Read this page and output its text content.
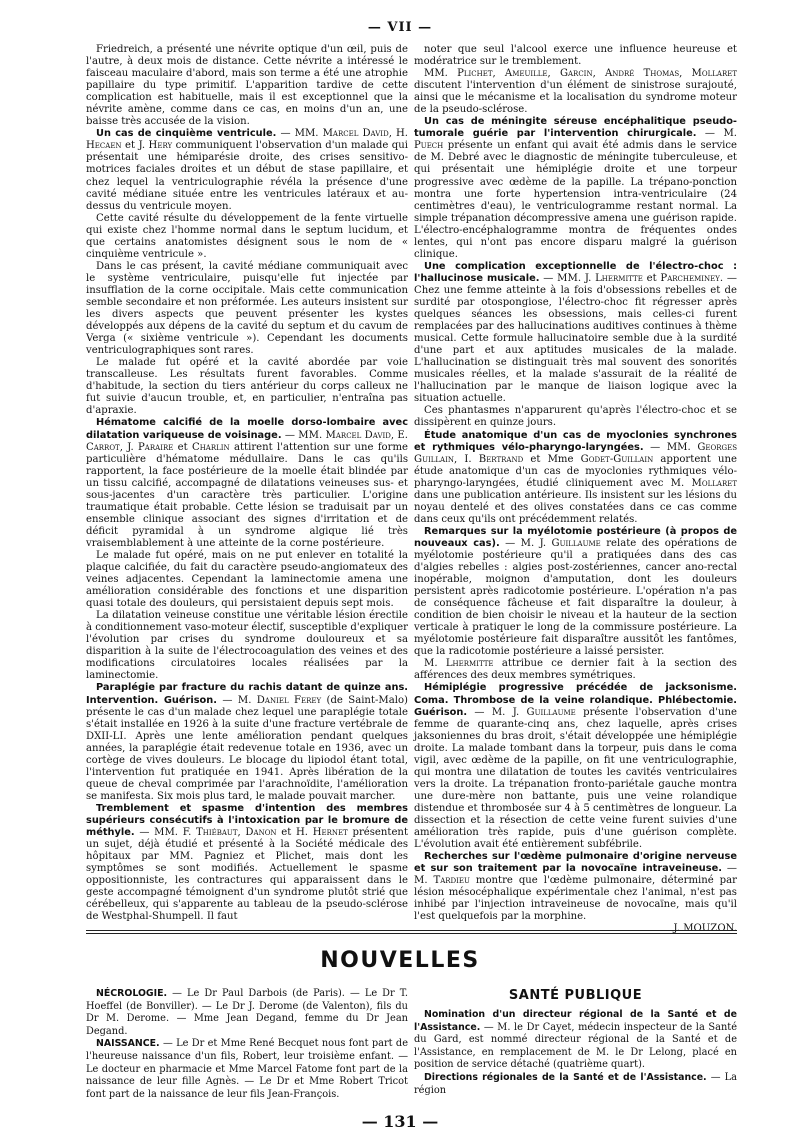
— VII —

Friedreich, a présenté une névrite optique d'un œil, puis de l'autre, à deux mois de distance. Cette névrite a intéressé le faisceau maculaire d'abord, mais son terme a été une atrophie papillaire du type primitif. L'apparition tardive de cette complication est habituelle, mais il est exceptionnel que la névrite amène, comme dans ce cas, en moins d'un an, une baisse très accusée de la vision.

Un cas de cinquième ventricule. — MM. Marcel David, H. Hecaen et J. Hery communiquent l'observation d'un malade qui présentait une hémiparésie droite, des crises sensitivo-motrices faciales droites et un début de stase papillaire, et chez lequel la ventriculographie révéla la présence d'une cavité médiane située entre les ventricules latéraux et au-dessus du ventricule moyen.

Cette cavité résulte du développement de la fente virtuelle qui existe chez l'homme normal dans le septum lucidum, et que certains anatomistes désignent sous le nom de « cinquième ventricule ».

Dans le cas présent, la cavité médiane communiquait avec le système ventriculaire, puisqu'elle fut injectée par insufflation de la corne occipitale. Mais cette communication semble secondaire et non préformée. Les auteurs insistent sur les divers aspects que peuvent présenter les kystes développés aux dépens de la cavité du septum et du cavum de Verga (« sixième ventricule »). Cependant les documents ventriculographiques sont rares.

Le malade fut opéré et la cavité abordée par voie transcalleuse. Les résultats furent favorables. Comme d'habitude, la section du tiers antérieur du corps calleux ne fut suivie d'aucun trouble, et, en particulier, n'entraîna pas d'apraxie.

Hématome calcifié de la moelle dorso-lombaire avec dilatation variqueuse de voisinage. — MM. Marcel David, E. Carrot, J. Paraire et Charlin attirent l'attention sur une forme particulière d'hématome médullaire. Dans le cas qu'ils rapportent, la face postérieure de la moelle était blindée par un tissu calcifié, accompagné de dilatations veineuses sus- et sous-jacentes d'un caractère très particulier. L'origine traumatique était probable. Cette lésion se traduisait par un ensemble clinique associant des signes d'irritation et de déficit pyramidal à un syndrome algique lié très vraisemblablement à une atteinte de la corne postérieure.

Le malade fut opéré, mais on ne put enlever en totalité la plaque calcifiée, du fait du caractère pseudo-angiomateux des veines adjacentes. Cependant la laminectomie amena une amélioration considérable des fonctions et une disparition quasi totale des douleurs, qui persistaient depuis sept mois.

La dilatation veineuse constitue une véritable lésion érectile à conditionnement vaso-moteur électif, susceptible d'expliquer l'évolution par crises du syndrome douloureux et sa disparition à la suite de l'électrocoagulation des veines et des modifications circulatoires locales réalisées par la laminectomie.

Paraplégie par fracture du rachis datant de quinze ans. Intervention. Guérison. — M. Daniel Ferey (de Saint-Malo) présente le cas d'un malade chez lequel une paraplégie totale s'était installée en 1926 à la suite d'une fracture vertébrale de DXII-LI. Après une lente amélioration pendant quelques années, la paraplégie était redevenue totale en 1936, avec un cortège de vives douleurs. Le blocage du lipiodol étant total, l'intervention fut pratiquée en 1941. Après libération de la queue de cheval comprimée par l'arachnoïdite, l'amélioration se manifesta. Six mois plus tard, le malade pouvait marcher.

Tremblement et spasme d'intention des membres supérieurs consécutifs à l'intoxication par le bromure de méthyle. — MM. F. Thiébaut, Danon et H. Hernet présentent un sujet, déjà étudié et présenté à la Société médicale des hôpitaux par MM. Pagniez et Plichet, mais dont les symptômes se sont modifiés. Actuellement le spasme oppositionniste, les contractures qui apparaissent dans le geste accompagné témoignent d'un syndrome plutôt strié que cérébelleux, qui s'apparente au tableau de la pseudo-sclérose de Westphal-Shumpell. Il faut

noter que seul l'alcool exerce une influence heureuse et modératrice sur le tremblement.

MM. Plichet, Ameuille, Garcin, André Thomas, Mollaret discutent l'intervention d'un élément de sinistrose surajouté, ainsi que le mécanisme et la localisation du syndrome moteur de la pseudo-sclérose.

Un cas de méningite séreuse encéphalitique pseudo-tumorale guérie par l'intervention chirurgicale. — M. Puech présente un enfant qui avait été admis dans le service de M. Debré avec le diagnostic de méningite tuberculeuse, et qui présentait une hémiplégie droite et une torpeur progressive avec œdème de la papille. La trépano-ponction montra une forte hypertension intra-ventriculaire (24 centimètres d'eau), le ventriculogramme restant normal. La simple trépanation décompressive amena une guérison rapide. L'électro-encéphalogramme montra de fréquentes ondes lentes, qui n'ont pas encore disparu malgré la guérison clinique.

Une complication exceptionnelle de l'électro-choc : l'hallucinose musicale. — MM. J. Lhermitte et Parcheminey. — Chez une femme atteinte à la fois d'obsessions rebelles et de surdité par otospongiose, l'électro-choc fit régresser après quelques séances les obsessions, mais celles-ci furent remplacées par des hallucinations auditives continues à thème musical. Cette formule hallucinatoire semble due à la surdité d'une part et aux aptitudes musicales de la malade. L'hallucination se distinguait très mal souvent des sonorités musicales réelles, et la malade s'assurait de la réalité de l'hallucination par le manque de liaison logique avec la situation actuelle.

Ces phantasmes n'apparurent qu'après l'électro-choc et se dissipèrent en quinze jours.

Étude anatomique d'un cas de myoclonies synchrones et rythmiques vélo-pharyngo-laryngées. — MM. Georges Guillain, I. Bertrand et Mme Godet-Guillain apportent une étude anatomique d'un cas de myoclonies rythmiques vélo-pharyngo-laryngées, étudié cliniquement avec M. Mollaret dans une publication antérieure. Ils insistent sur les lésions du noyau dentelé et des olives constatées dans ce cas comme dans ceux qu'ils ont précédemment relatés.

Remarques sur la myélotomie postérieure (à propos de nouveaux cas). — M. J. Guillaume relate des opérations de myélotomie postérieure qu'il a pratiquées dans des cas d'algies rebelles : algies post-zostériennes, cancer ano-rectal inopérable, moignon d'amputation, dont les douleurs persistent après radicotomie postérieure. L'opération n'a pas de conséquence fâcheuse et fait disparaître la douleur, à condition de bien choisir le niveau et la hauteur de la section verticale à pratiquer le long de la commissure postérieure. La myélotomie postérieure fait disparaître aussitôt les fantômes, que la radicotomie postérieure a laissé persister.

M. Lhermitte attribue ce dernier fait à la section des afférences des deux membres symétriques.

Hémiplégie progressive précédée de jacksonisme. Coma. Thrombose de la veine rolandique. Phlébectomie. Guérison. — M. J. Guillaume présente l'observation d'une femme de quarante-cinq ans, chez laquelle, après crises jaksoniennes du bras droit, s'était développée une hémiplégie droite. La malade tombant dans la torpeur, puis dans le coma vigil, avec œdème de la papille, on fit une ventriculographie, qui montra une dilatation de toutes les cavités ventriculaires vers la droite. La trépanation fronto-pariétale gauche montra une dure-mère non battante, puis une veine rolandique distendue et thrombosée sur 4 à 5 centimètres de longueur. La dissection et la résection de cette veine furent suivies d'une amélioration très rapide, puis d'une guérison complète. L'évolution avait été entièrement subfébrile.

Recherches sur l'œdème pulmonaire d'origine nerveuse et sur son traitement par la novocaïne intraveineuse. — M. Tardieu montre que l'œdème pulmonaire, déterminé par lésion mésocéphalique expérimentale chez l'animal, n'est pas inhibé par l'injection intraveineuse de novocaïne, mais qu'il l'est quelquefois par la morphine.
J. MOUZON.

NOUVELLES

NÉCROLOGIE. — Le Dr Paul Darbois (de Paris). — Le Dr T. Hoeffel (de Bonviller). — Le Dr J. Derome (de Valenton), fils du Dr M. Derome. — Mme Jean Degand, femme du Dr Jean Degand.

NAISSANCE. — Le Dr et Mme René Becquet nous font part de l'heureuse naissance d'un fils, Robert, leur troisième enfant. — Le docteur en pharmacie et Mme Marcel Fatome font part de la naissance de leur fille Agnès. — Le Dr et Mme Robert Tricot font part de la naissance de leur fils Jean-François.

SANTÉ PUBLIQUE

Nomination d'un directeur régional de la Santé et de l'Assistance. — M. le Dr Cayet, médecin inspecteur de la Santé du Gard, est nommé directeur régional de la Santé et de l'Assistance, en remplacement de M. le Dr Lelong, placé en position de service détaché (quatrième quart).

Directions régionales de la Santé et de l'Assistance. — La région

— 131 —
